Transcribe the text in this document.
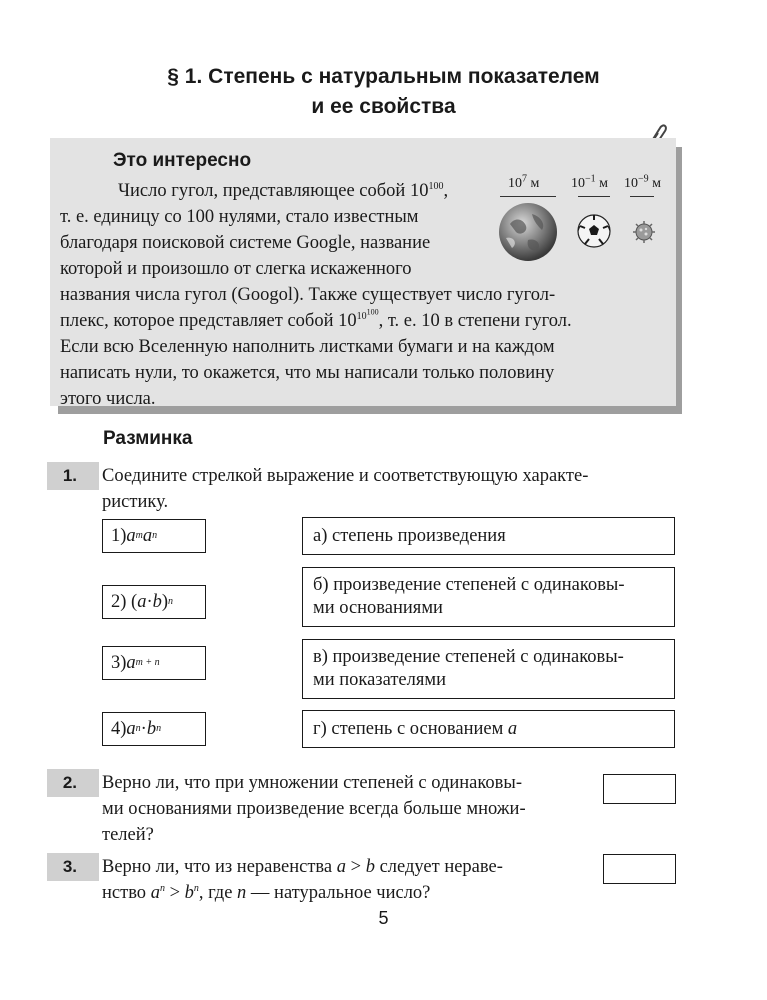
§ 1. Степень с натуральным показателем
и ее свойства
Это интересно
Число гугол, представляющее собой $10^{100}$,
т. е. единицу со 100 нулями, стало известным
благодаря поисковой системе Google, название
которой и произошло от слегка искаженного
названия числа гугол (Googol). Также существует число гугол-
плекс, которое представляет собой $10^{10^{100}}$, т. е. 10 в степени гугол.
Если всю Вселенную наполнить листками бумаги и на каждом
написать нули, то окажется, что мы написали только половину
этого числа.
$10^7$ м $10^{-1}$ м $10^{-9}$ м
Разминка
1.	Соедините стрелкой выражение и соответствующую характе-
ристику.
1) a m a n
2) ( a · b ) n
3) a m + n
4) a n · b n
а) степень произведения
б) произведение степеней с одинаковы-
ми основаниями
в) произведение степеней с одинаковы-
ми показателями
г) степень с основанием
a
2.	Верно ли, что при умножении степеней с одинаковы-
ми основаниями произведение всегда больше множи-
телей?
3.	Верно ли, что из неравенства a > b следует нераве-
нство $a^n > b^n$, где n — натуральное число?
5
